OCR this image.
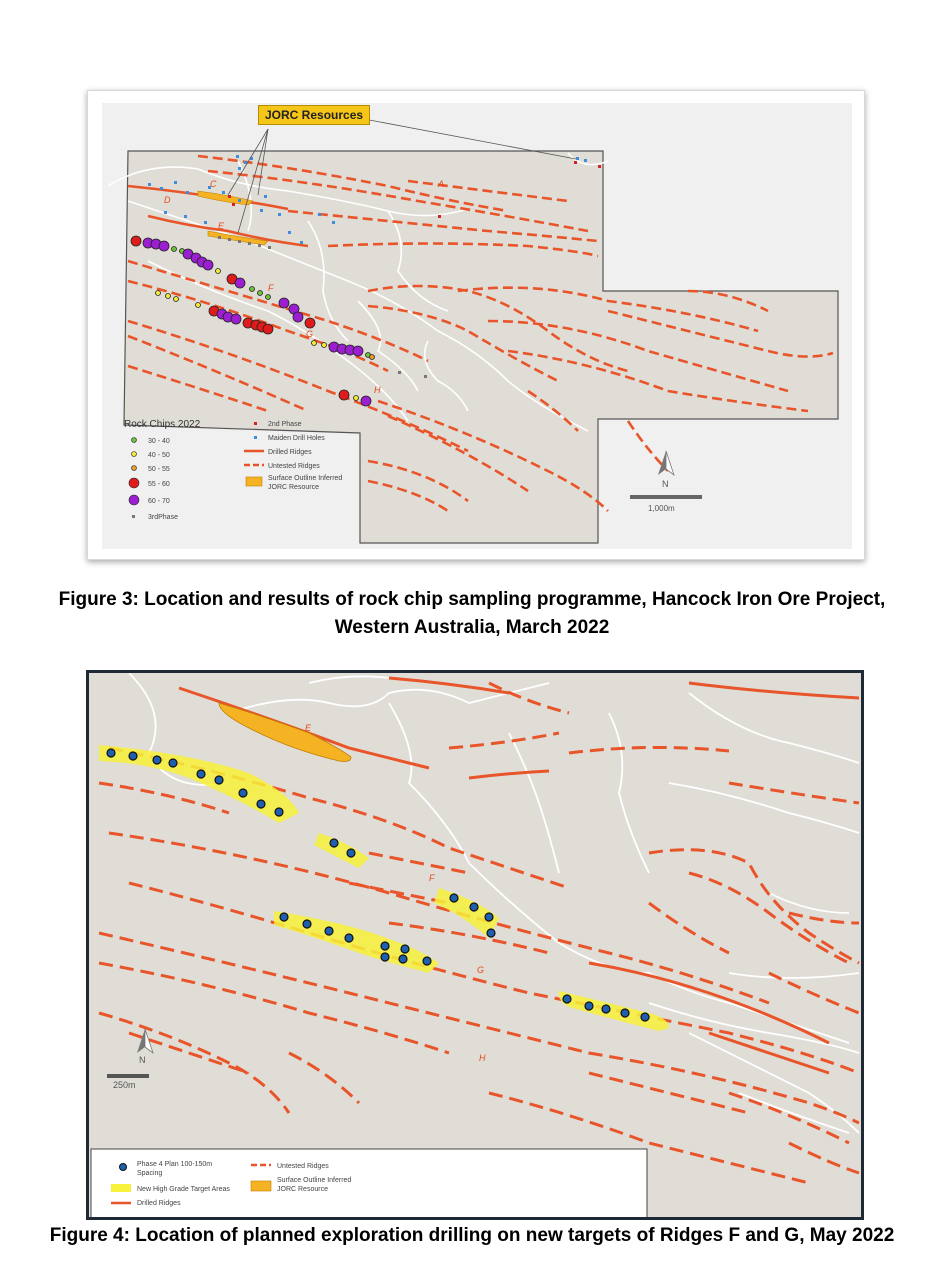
A
C
D
E
F
G
H
Rock Chips 2022
30 - 40
40 - 50
50 - 55
55 - 60
60 - 70
3rdPhase
2nd Phase
Maiden Drill Holes
Drilled Ridges
Untested Ridges
Surface Outline Inferred
JORC Resource	N
1,000m
JORC Resources
Figure 3: Location and results of rock chip sampling programme, Hancock Iron Ore Project,
Western Australia, March 2022
E
F
G
H
N
250m
Phase 4 Plan 100-150m
Spacing
New High Grade Target Areas
Drilled Ridges
Untested Ridges
Surface Outline Inferred
JORC Resource
Figure 4: Location of planned exploration drilling on new targets of Ridges F and G, May 2022
